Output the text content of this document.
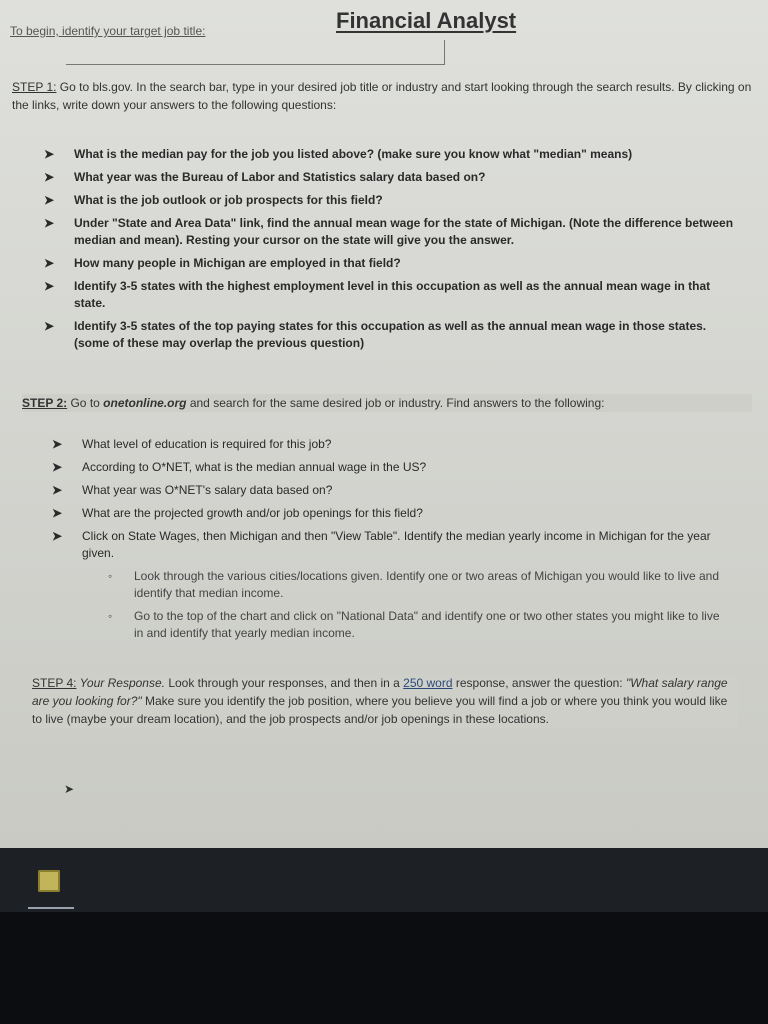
To begin, identify your target job title:	Financial Analyst
STEP 1: Go to bls.gov. In the search bar, type in your desired job title or industry and start looking through the search results. By clicking on the links, write down your answers to the following questions:
➤ What is the median pay for the job you listed above? (make sure you know what "median" means)
➤ What year was the Bureau of Labor and Statistics salary data based on?
➤ What is the job outlook or job prospects for this field?
➤ Under "State and Area Data" link, find the annual mean wage for the state of Michigan. (Note the difference between median and mean). Resting your cursor on the state will give you the answer.
➤ How many people in Michigan are employed in that field?
➤ Identify 3-5 states with the highest employment level in this occupation as well as the annual mean wage in that state.
➤ Identify 3-5 states of the top paying states for this occupation as well as the annual mean wage in those states. (some of these may overlap the previous question)
STEP 2: Go to onetonline.org and search for the same desired job or industry. Find answers to the following:
➤ What level of education is required for this job?
➤ According to O*NET, what is the median annual wage in the US?
➤ What year was O*NET's salary data based on?
➤ What are the projected growth and/or job openings for this field?
➤ Click on State Wages, then Michigan and then "View Table". Identify the median yearly income in Michigan for the year given.
◦ Look through the various cities/locations given. Identify one or two areas of Michigan you would like to live and identify that median income.
◦ Go to the top of the chart and click on "National Data" and identify one or two other states you might like to live in and identify that yearly median income.
STEP 4: Your Response. Look through your responses, and then in a 250 word response, answer the question: "What salary range are you looking for?" Make sure you identify the job position, where you believe you will find a job or where you think you would like to live (maybe your dream location), and the job prospects and/or job openings in these locations.
➤
